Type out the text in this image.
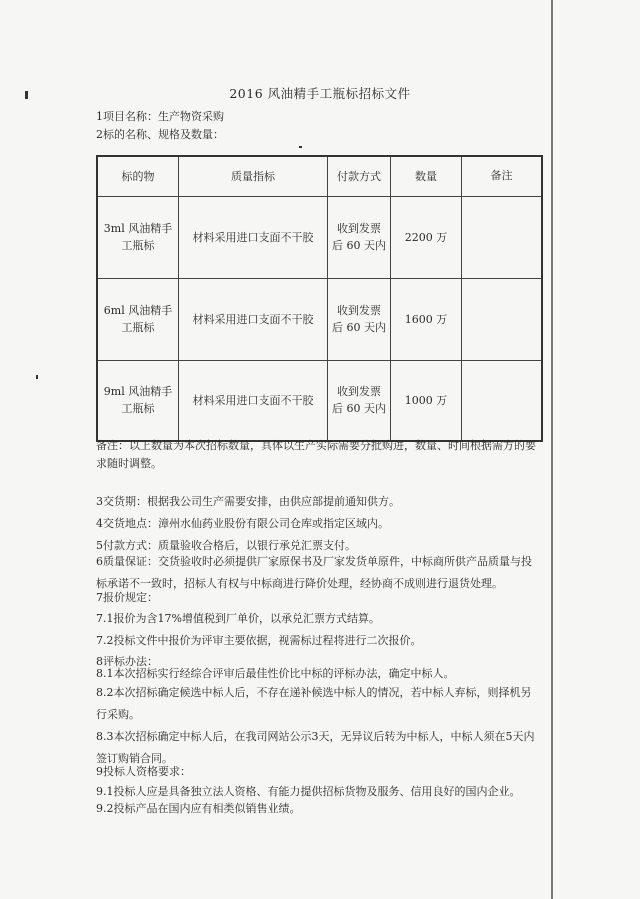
2016 风油精手工瓶标招标文件
1项目名称：生产物资采购
2标的名称、规格及数量：
标的物	质量指标	付款方式	数量	备注
3ml 风油精手工瓶标	材料采用进口支面不干胶	收到发票后 60 天内	2200 万	
6ml 风油精手工瓶标	材料采用进口支面不干胶	收到发票后 60 天内	1600 万	
9ml 风油精手工瓶标	材料采用进口支面不干胶	收到发票后 60 天内	1000 万	
备注：以上数量为本次招标数量，具体以生产实际需要分批购进，数量、时间根据需方的要求随时调整。
3交货期：根据我公司生产需要安排，由供应部提前通知供方。
4交货地点：漳州水仙药业股份有限公司仓库或指定区域内。
5付款方式：质量验收合格后，以银行承兑汇票支付。
6质量保证：交货验收时必须提供厂家原保书及厂家发货单原件，中标商所供产品质量与投标承诺不一致时，招标人有权与中标商进行降价处理，经协商不成则进行退货处理。
7报价规定：
7.1报价为含17%增值税到厂单价，以承兑汇票方式结算。
7.2投标文件中报价为评审主要依据，视需标过程将进行二次报价。
8评标办法：
8.1本次招标实行经综合评审后最佳性价比中标的评标办法，确定中标人。
8.2本次招标确定候选中标人后，不存在递补候选中标人的情况，若中标人弃标，则择机另行采购。
8.3本次招标确定中标人后，在我司网站公示3天，无异议后转为中标人，中标人须在5天内签订购销合同。
9投标人资格要求：
9.1投标人应是具备独立法人资格、有能力提供招标货物及服务、信用良好的国内企业。
9.2投标产品在国内应有相类似销售业绩。
